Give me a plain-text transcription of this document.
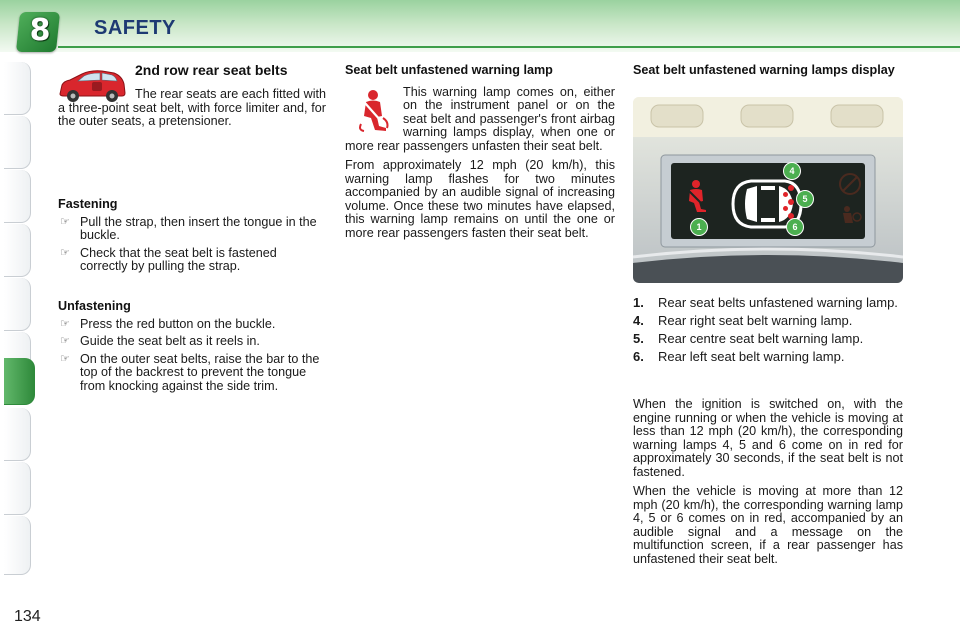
8 SAFETY
134
2nd row rear seat belts

The rear seats are each fitted with a three-point seat belt, with force limiter and, for the outer seats, a pretensioner.

Fastening
☞ Pull the strap, then insert the tongue in the buckle.
☞ Check that the seat belt is fastened correctly by pulling the strap.
Unfastening
☞ Press the red button on the buckle.
☞ Guide the seat belt as it reels in.
☞ On the outer seat belts, raise the bar to the top of the backrest to prevent the tongue from knocking against the side trim.
Seat belt unfastened warning lamp

This warning lamp comes on, either on the instrument panel or on the seat belt and passenger's front airbag warning lamps display, when one or more rear passengers unfasten their seat belt.

From approximately 12 mph (20 km/h), this warning lamp flashes for two minutes accompanied by an audible signal of increasing volume. Once these two minutes have elapsed, this warning lamp remains on until the one or more rear passengers fasten their seat belt.

Seat belt unfastened warning lamps display
4
5
1	6
1. Rear seat belts unfastened warning lamp.
4. Rear right seat belt warning lamp.
5. Rear centre seat belt warning lamp.
6. Rear left seat belt warning lamp.

When the ignition is switched on, with the engine running or when the vehicle is moving at less than 12 mph (20 km/h), the corresponding warning lamps 4, 5 and 6 come on in red for approximately 30 seconds, if the seat belt is not fastened.

When the vehicle is moving at more than 12 mph (20 km/h), the corresponding warning lamp 4, 5 or 6 comes on in red, accompanied by an audible signal and a message on the multifunction screen, if a rear passenger has unfastened their seat belt.
